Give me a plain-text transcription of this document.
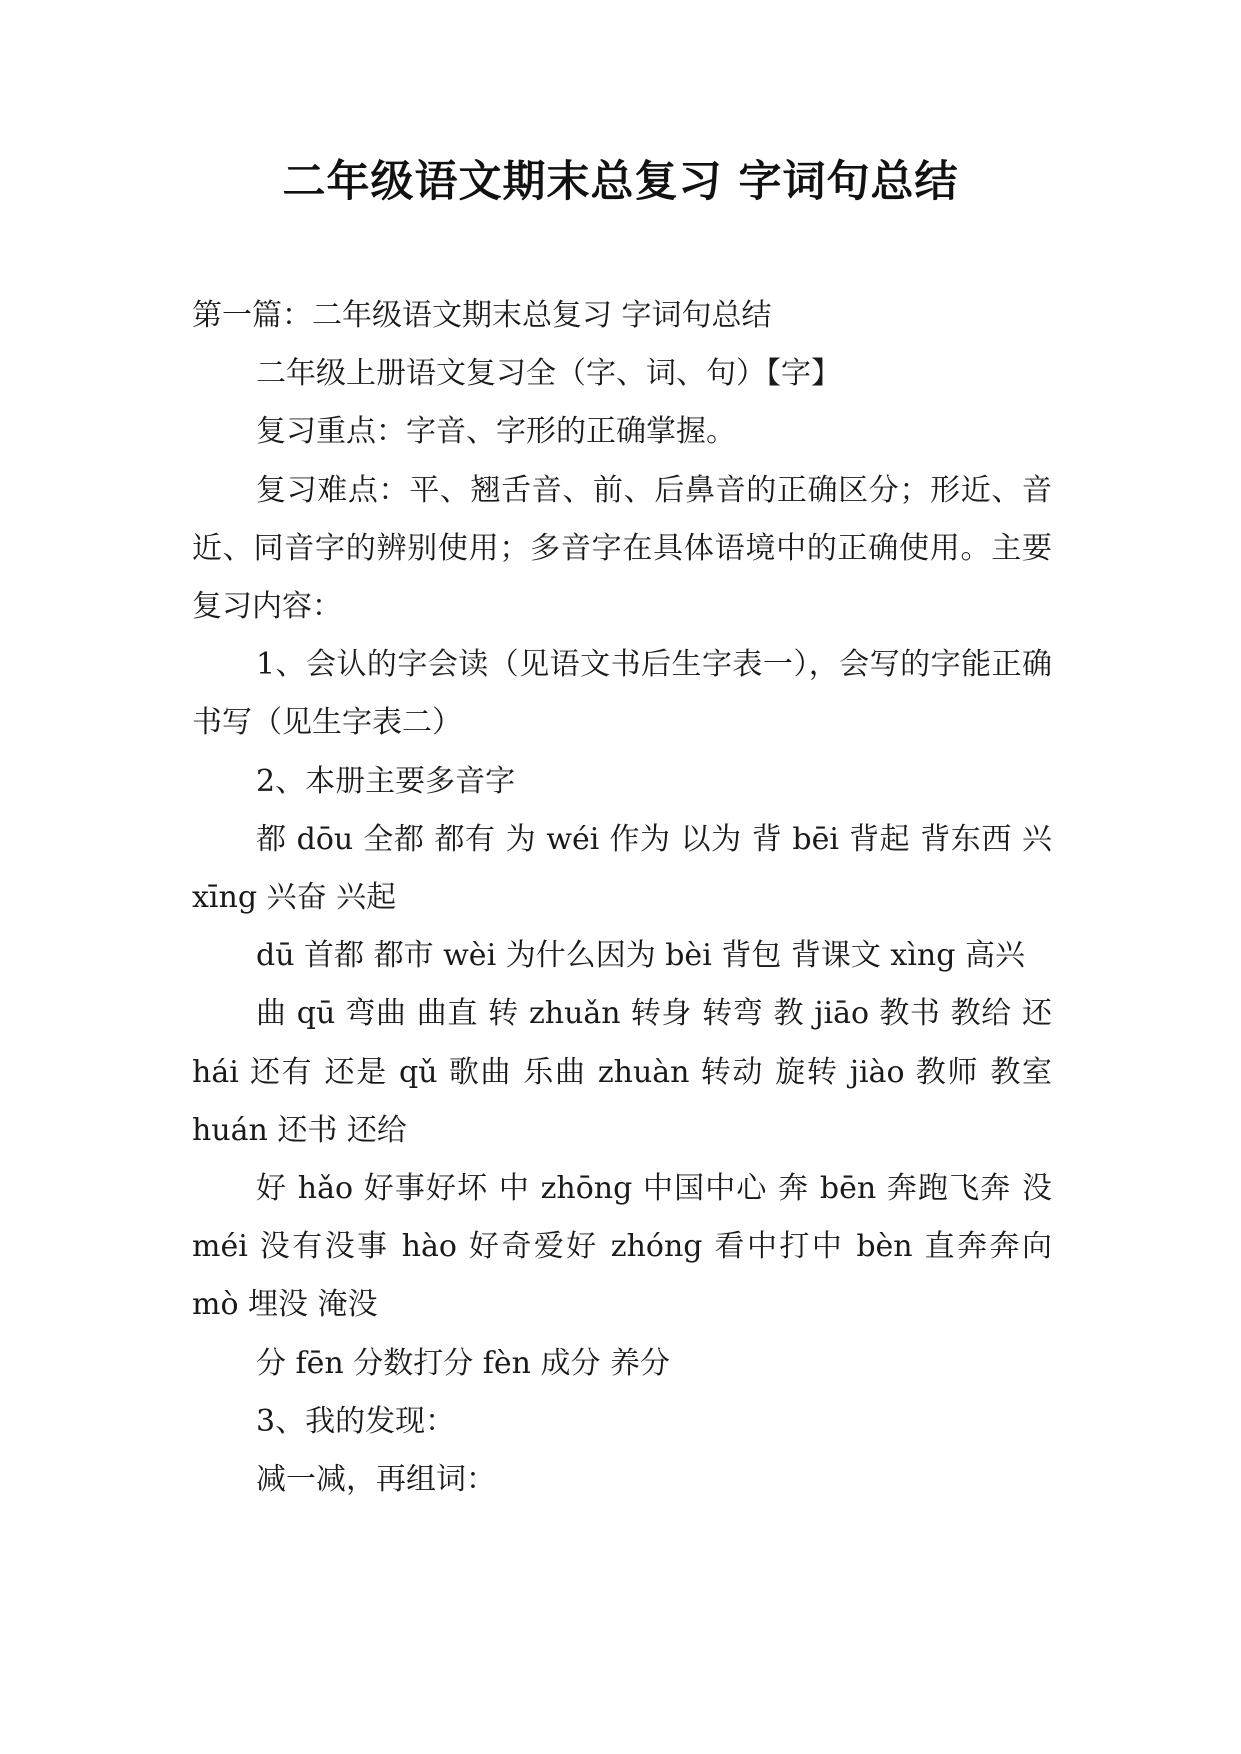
二年级语文期末总复习 字词句总结

第一篇：二年级语文期末总复习 字词句总结

二年级上册语文复习全（字、词、句）【字】

复习重点：字音、字形的正确掌握。

复习难点：平、翘舌音、前、后鼻音的正确区分；形近、音近、同音字的辨别使用；多音字在具体语境中的正确使用。主要复习内容：

1、会认的字会读（见语文书后生字表一），会写的字能正确书写（见生字表二）

2、本册主要多音字

都 dōu 全都 都有 为 wéi 作为 以为 背 bēi 背起 背东西 兴 xīng 兴奋 兴起

dū 首都 都市 wèi 为什么因为 bèi 背包 背课文 xìng 高兴

曲 qū 弯曲 曲直 转 zhuǎn 转身 转弯 教 jiāo 教书 教给 还 hái 还有 还是 qǔ 歌曲 乐曲 zhuàn 转动 旋转 jiào 教师 教室 huán 还书 还给

好 hǎo 好事好坏 中 zhōng 中国中心 奔 bēn 奔跑飞奔 没 méi 没有没事 hào 好奇爱好 zhóng 看中打中 bèn 直奔奔向 mò 埋没 淹没

分 fēn 分数打分 fèn 成分 养分

3、我的发现：

减一减，再组词：
